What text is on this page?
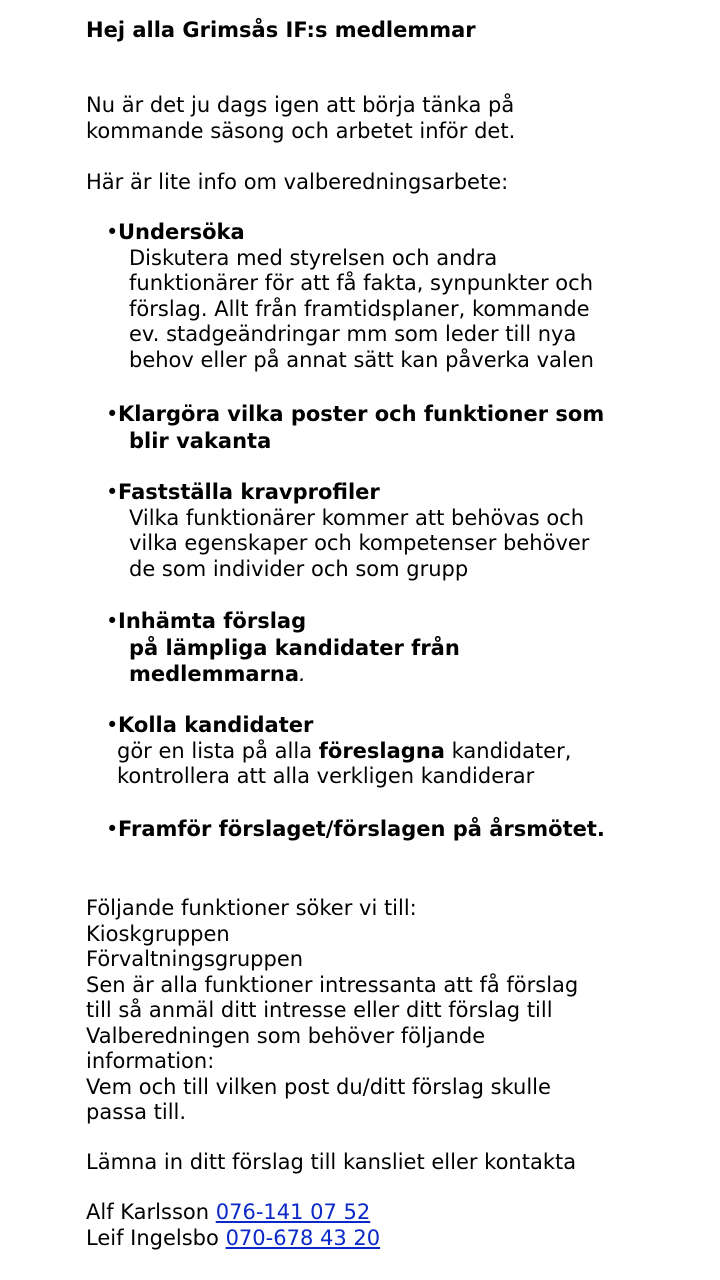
Hej alla Grimsås IF:s medlemmar
Nu är det ju dags igen att börja tänka på
kommande säsong och arbetet inför det.
Här är lite info om valberedningsarbete:
• Undersöka
Diskutera med styrelsen och andra
funktionärer för att få fakta, synpunkter och
förslag. Allt från framtidsplaner, kommande
ev. stadgeändringar mm som leder till nya
behov eller på annat sätt kan påverka valen
• Klargöra vilka poster och funktioner som
blir vakanta
• Fastställa kravprofiler
Vilka funktionärer kommer att behövas och
vilka egenskaper och kompetenser behöver
de som individer och som grupp
• Inhämta förslag
på lämpliga kandidater från
medlemmarna.
• Kolla kandidater
gör en lista på alla föreslagna kandidater,
kontrollera att alla verkligen kandiderar
• Framför förslaget/förslagen på årsmötet.
Följande funktioner söker vi till:
Kioskgruppen
Förvaltningsgruppen
Sen är alla funktioner intressanta att få förslag
till så anmäl ditt intresse eller ditt förslag till
Valberedningen som behöver följande
information:
Vem och till vilken post du/ditt förslag skulle
passa till.
Lämna in ditt förslag till kansliet eller kontakta
Alf Karlsson 076-141 07 52
Leif Ingelsbo 070-678 43 20
